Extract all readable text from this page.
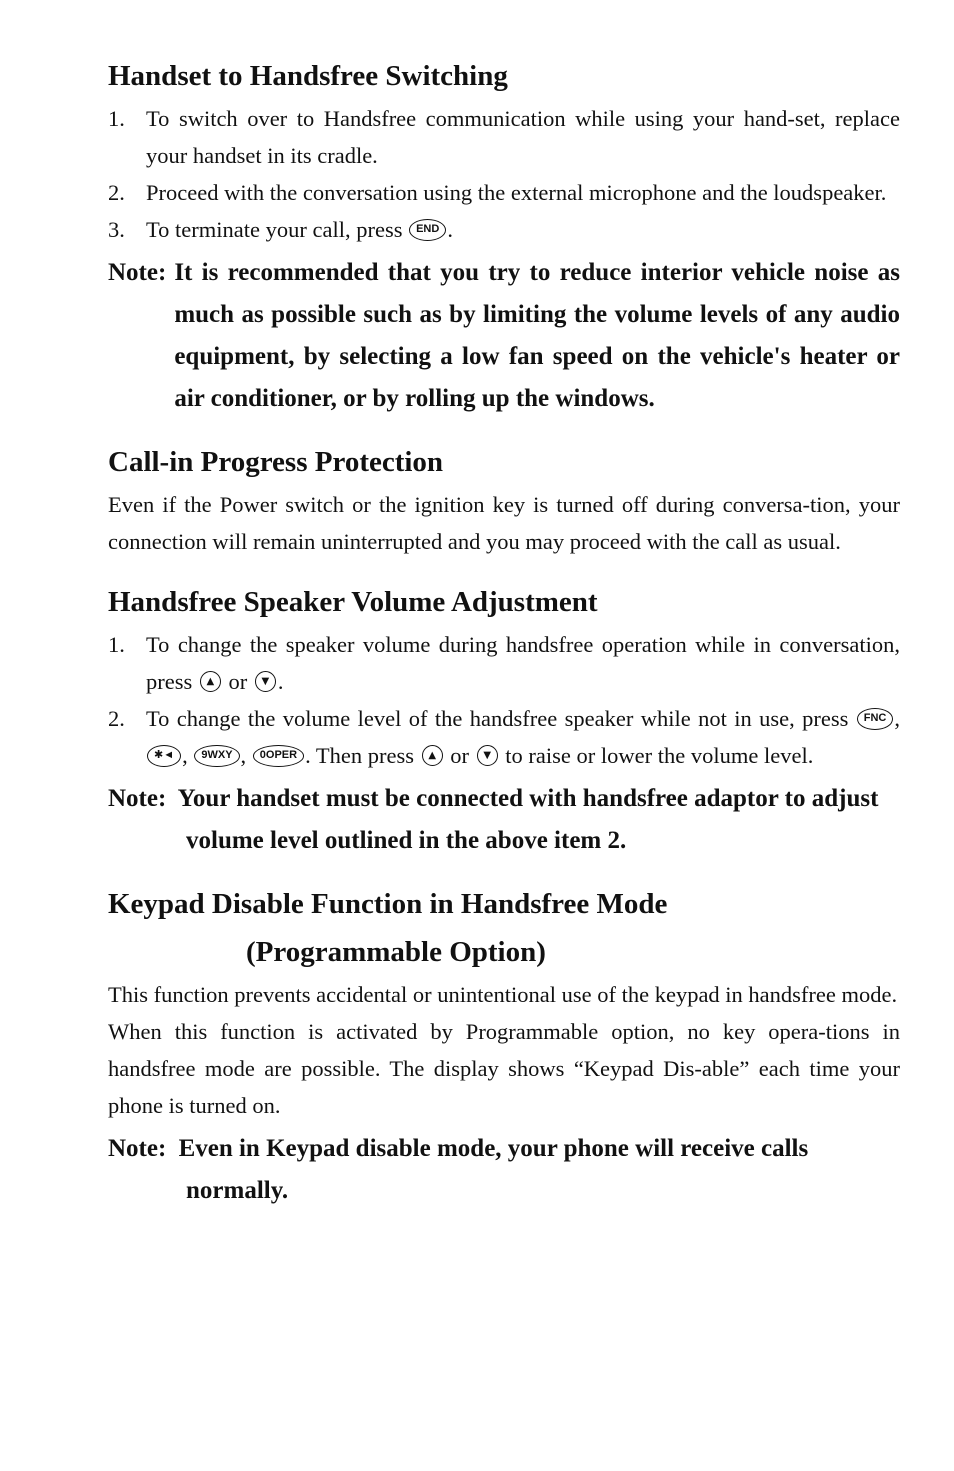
Handset to Handsfree Switching
1. To switch over to Handsfree communication while using your hand-set, replace your handset in its cradle.
2. Proceed with the conversation using the external microphone and the loudspeaker.
3. To terminate your call, press END .
Note: It is recommended that you try to reduce interior vehicle noise as much as possible such as by limiting the volume levels of any audio equipment, by selecting a low fan speed on the vehicle's heater or air conditioner, or by rolling up the windows.
Call-in Progress Protection

Even if the Power switch or the ignition key is turned off during conversa-tion, your connection will remain uninterrupted and you may proceed with the call as usual.

Handsfree Speaker Volume Adjustment
1. To change the speaker volume during handsfree operation while in conversation, press ▲ or ▼ .
2. To change the volume level of the handsfree speaker while not in use, press FNC , ✱◄ , 9WXY , 0OPER . Then press ▲ or ▼ to raise or lower the volume level.
Note: Your handset must be connected with handsfree adaptor to adjust volume level outlined in the above item 2.
Keypad Disable Function in Handsfree Mode
(Programmable Option)

This function prevents accidental or unintentional use of the keypad in handsfree mode.

When this function is activated by Programmable option, no key opera-tions in handsfree mode are possible. The display shows “Keypad Dis-able” each time your phone is turned on.

Note: Even in Keypad disable mode, your phone will receive calls normally.
